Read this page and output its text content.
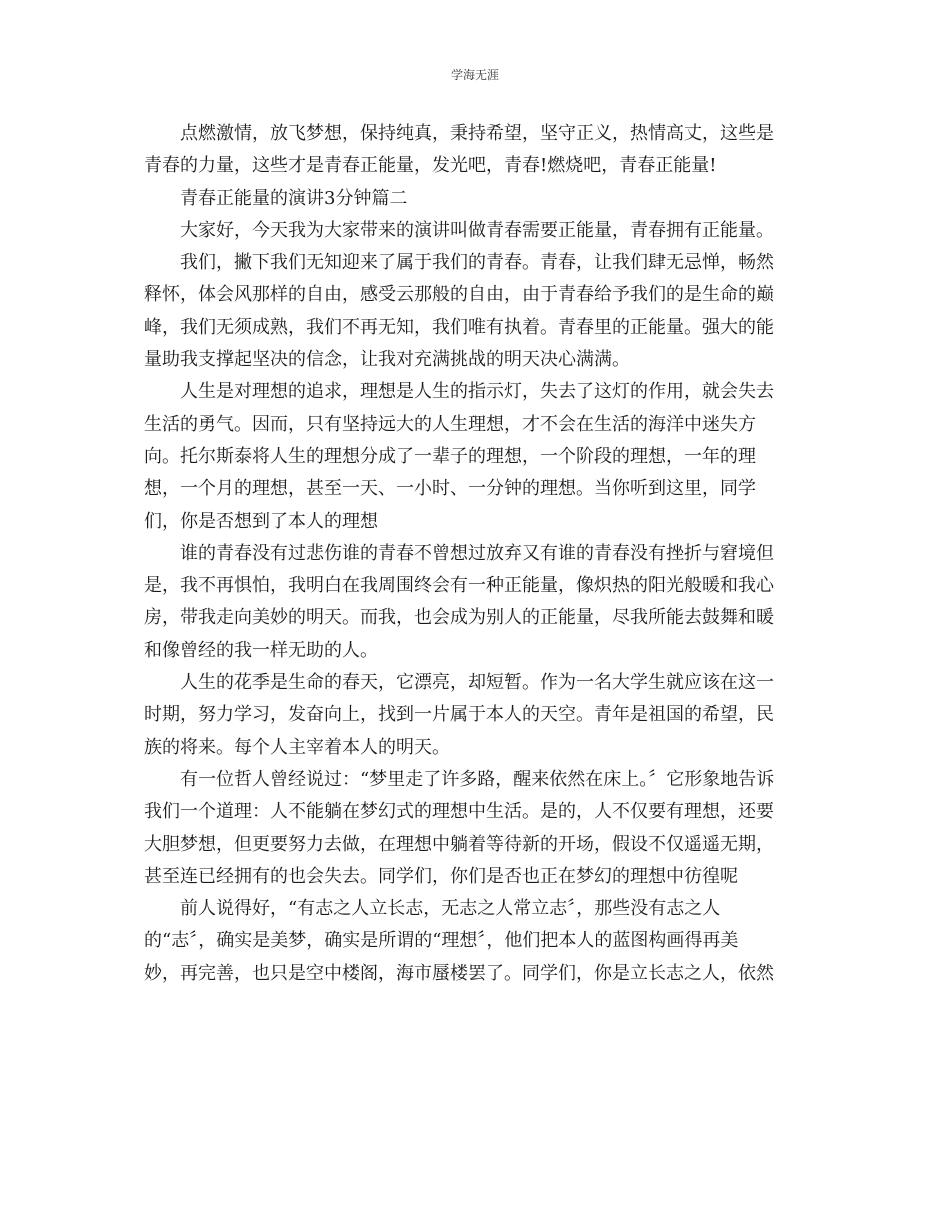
学海无涯
点燃激情，放飞梦想，保持纯真，秉持希望，坚守正义，热情高丈，这些是
青春的力量，这些才是青春正能量，发光吧，青春!燃烧吧，青春正能量!
青春正能量的演讲3分钟篇二
大家好，今天我为大家带来的演讲叫做青春需要正能量，青春拥有正能量。
我们，撇下我们无知迎来了属于我们的青春。青春，让我们肆无忌惮，畅然
释怀，体会风那样的自由，感受云那般的自由，由于青春给予我们的是生命的巅
峰，我们无须成熟，我们不再无知，我们唯有执着。青春里的正能量。强大的能
量助我支撑起坚决的信念，让我对充满挑战的明天决心满满。
人生是对理想的追求，理想是人生的指示灯，失去了这灯的作用，就会失去
生活的勇气。因而，只有坚持远大的人生理想，才不会在生活的海洋中迷失方
向。托尔斯泰将人生的理想分成了一辈子的理想，一个阶段的理想，一年的理
想，一个月的理想，甚至一天、一小时、一分钟的理想。当你听到这里，同学
们，你是否想到了本人的理想
谁的青春没有过悲伤谁的青春不曾想过放弃又有谁的青春没有挫折与窘境但
是，我不再惧怕，我明白在我周围终会有一种正能量，像炽热的阳光般暖和我心
房，带我走向美妙的明天。而我，也会成为别人的正能量，尽我所能去鼓舞和暖
和像曾经的我一样无助的人。
人生的花季是生命的春天，它漂亮，却短暂。作为一名大学生就应该在这一
时期，努力学习，发奋向上，找到一片属于本人的天空。青年是祖国的希望，民
族的将来。每个人主宰着本人的明天。
有一位哲人曾经说过：“梦里走了许多路，醒来依然在床上。〞它形象地告诉
我们一个道理：人不能躺在梦幻式的理想中生活。是的，人不仅要有理想，还要
大胆梦想，但更要努力去做，在理想中躺着等待新的开场，假设不仅遥遥无期，
甚至连已经拥有的也会失去。同学们，你们是否也正在梦幻的理想中彷徨呢
前人说得好，“有志之人立长志，无志之人常立志〞，那些没有志之人
的“志〞，确实是美梦，确实是所谓的“理想〞，他们把本人的蓝图构画得再美
妙，再完善，也只是空中楼阁，海市蜃楼罢了。同学们，你是立长志之人，依然
